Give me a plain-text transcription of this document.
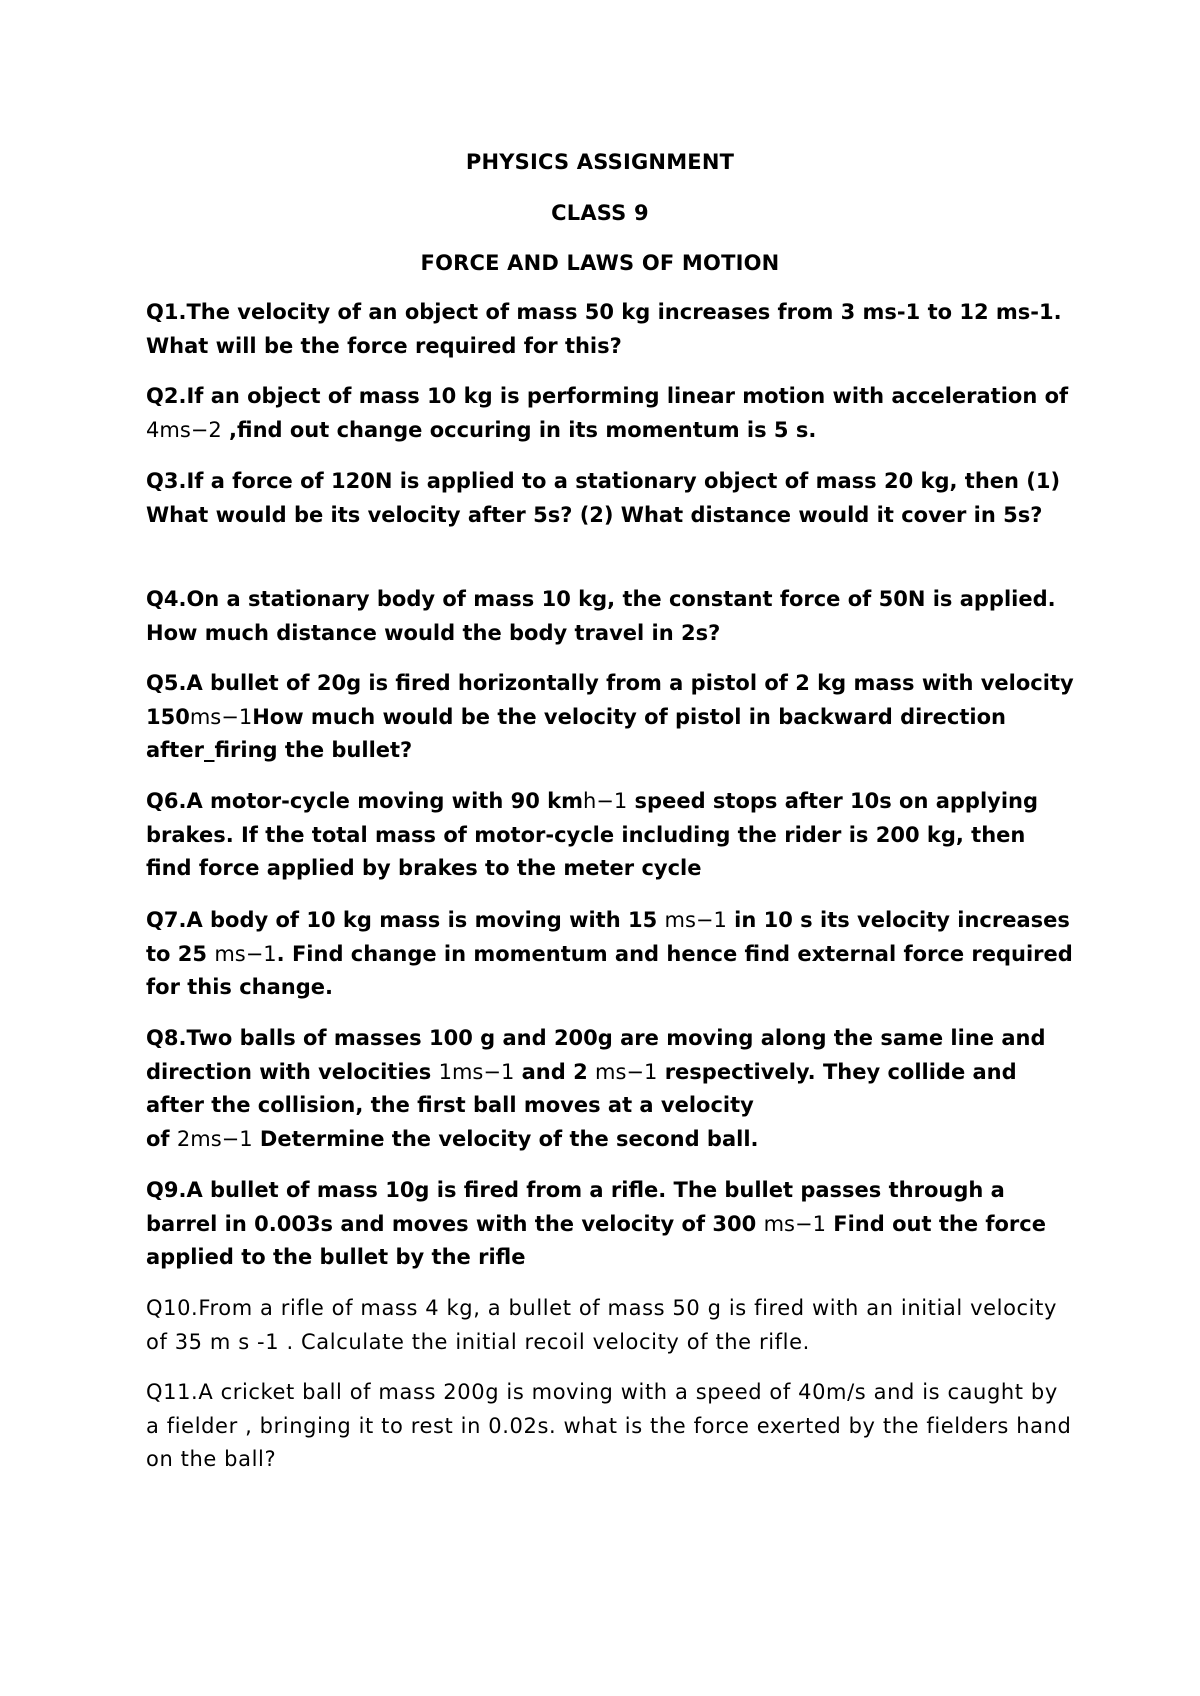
PHYSICS ASSIGNMENT
CLASS 9
FORCE AND LAWS OF MOTION

Q1.The velocity of an object of mass 50 kg increases from 3 ms-1 to 12 ms-1. What will be the force required for this?

Q2.If an object of mass 10 kg is performing linear motion with acceleration of 4ms−2 ,find out change occuring in its momentum is 5 s.

Q3.If a force of 120N is applied to a stationary object of mass 20 kg, then (1) What would be its velocity after 5s? (2) What distance would it cover in 5s?

Q4.On a stationary body of mass 10 kg, the constant force of 50N is applied. How much distance would the body travel in 2s?

Q5.A bullet of 20g is fired horizontally from a pistol of 2 kg mass with velocity 150ms−1How much would be the velocity of pistol in backward direction after_firing the bullet?

Q6.A motor-cycle moving with 90 kmh−1 speed stops after 10s on applying brakes. If the total mass of motor-cycle including the rider is 200 kg, then find force applied by brakes to the meter cycle

Q7.A body of 10 kg mass is moving with 15 ms−1 in 10 s its velocity increases to 25 ms−1. Find change in momentum and hence find external force required for this change.

Q8.Two balls of masses 100 g and 200g are moving along the same line and direction with velocities 1ms−1 and 2 ms−1 respectively. They collide and after the collision, the first ball moves at a velocity
of 2ms−1 Determine the velocity of the second ball.

Q9.A bullet of mass 10g is fired from a rifle. The bullet passes through a barrel in 0.003s and moves with the velocity of 300 ms−1 Find out the force applied to the bullet by the rifle

Q10.From a rifle of mass 4 kg, a bullet of mass 50 g is fired with an initial velocity of 35 m s -1 . Calculate the initial recoil velocity of the rifle.

Q11.A cricket ball of mass 200g is moving with a speed of 40m/s and is caught by a fielder , bringing it to rest in 0.02s. what is the force exerted by the fielders hand on the ball?
